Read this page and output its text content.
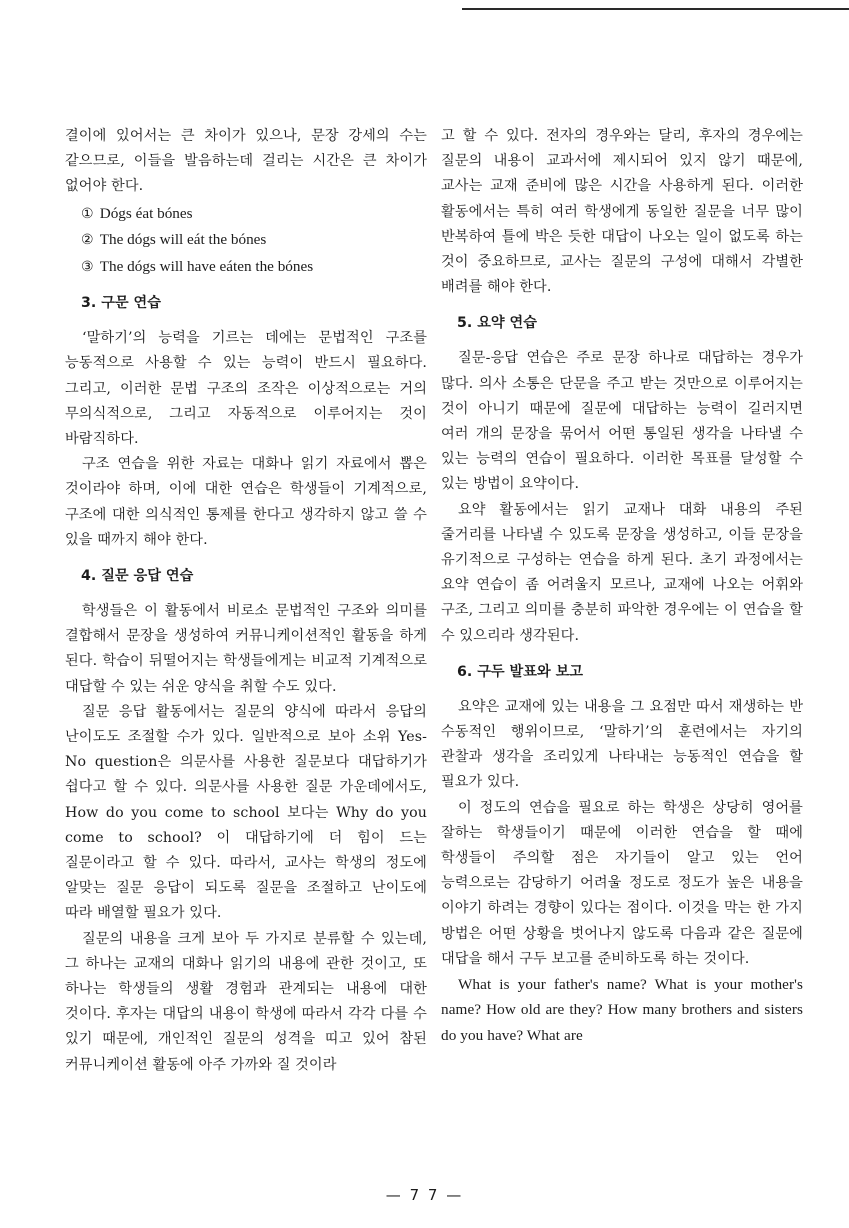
결이에 있어서는 큰 차이가 있으나, 문장 강세의 수는 같으므로, 이들을 발음하는데 걸리는 시간은 큰 차이가 없어야 한다.

① Dógs éat bónes
② The dógs will eát the bónes
③ The dógs will have eáten the bónes
3. 구문 연습

‘말하기’의 능력을 기르는 데에는 문법적인 구조를 능동적으로 사용할 수 있는 능력이 반드시 필요하다. 그리고, 이러한 문법 구조의 조작은 이상적으로는 거의 무의식적으로, 그리고 자동적으로 이루어지는 것이 바람직하다.

구조 연습을 위한 자료는 대화나 읽기 자료에서 뽑은 것이라야 하며, 이에 대한 연습은 학생들이 기계적으로, 구조에 대한 의식적인 통제를 한다고 생각하지 않고 쓸 수 있을 때까지 해야 한다.

4. 질문 응답 연습

학생들은 이 활동에서 비로소 문법적인 구조와 의미를 결합해서 문장을 생성하여 커뮤니케이션적인 활동을 하게 된다. 학습이 뒤떨어지는 학생들에게는 비교적 기계적으로 대답할 수 있는 쉬운 양식을 취할 수도 있다.

질문 응답 활동에서는 질문의 양식에 따라서 응답의 난이도도 조절할 수가 있다. 일반적으로 보아 소위 Yes-No question은 의문사를 사용한 질문보다 대답하기가 쉽다고 할 수 있다. 의문사를 사용한 질문 가운데에서도, How do you come to school 보다는 Why do you come to school? 이 대답하기에 더 힘이 드는 질문이라고 할 수 있다. 따라서, 교사는 학생의 정도에 알맞는 질문 응답이 되도록 질문을 조절하고 난이도에 따라 배열할 필요가 있다.

질문의 내용을 크게 보아 두 가지로 분류할 수 있는데, 그 하나는 교재의 대화나 읽기의 내용에 관한 것이고, 또 하나는 학생들의 생활 경험과 관계되는 내용에 대한 것이다. 후자는 대답의 내용이 학생에 따라서 각각 다를 수 있기 때문에, 개인적인 질문의 성격을 띠고 있어 참된 커뮤니케이션 활동에 아주 가까와 질 것이라

고 할 수 있다. 전자의 경우와는 달리, 후자의 경우에는 질문의 내용이 교과서에 제시되어 있지 않기 때문에, 교사는 교재 준비에 많은 시간을 사용하게 된다. 이러한 활동에서는 특히 여러 학생에게 동일한 질문을 너무 많이 반복하여 틀에 박은 듯한 대답이 나오는 일이 없도록 하는 것이 중요하므로, 교사는 질문의 구성에 대해서 각별한 배려를 해야 한다.

5. 요약 연습

질문-응답 연습은 주로 문장 하나로 대답하는 경우가 많다. 의사 소통은 단문을 주고 받는 것만으로 이루어지는 것이 아니기 때문에 질문에 대답하는 능력이 길러지면 여러 개의 문장을 묶어서 어떤 통일된 생각을 나타낼 수 있는 능력의 연습이 필요하다. 이러한 목표를 달성할 수 있는 방법이 요약이다.

요약 활동에서는 읽기 교재나 대화 내용의 주된 줄거리를 나타낼 수 있도록 문장을 생성하고, 이들 문장을 유기적으로 구성하는 연습을 하게 된다. 초기 과정에서는 요약 연습이 좀 어려울지 모르나, 교재에 나오는 어휘와 구조, 그리고 의미를 충분히 파악한 경우에는 이 연습을 할 수 있으리라 생각된다.

6. 구두 발표와 보고

요약은 교재에 있는 내용을 그 요점만 따서 재생하는 반 수동적인 행위이므로, ‘말하기’의 훈련에서는 자기의 관찰과 생각을 조리있게 나타내는 능동적인 연습을 할 필요가 있다.

이 정도의 연습을 필요로 하는 학생은 상당히 영어를 잘하는 학생들이기 때문에 이러한 연습을 할 때에 학생들이 주의할 점은 자기들이 알고 있는 언어 능력으로는 감당하기 어려울 정도로 정도가 높은 내용을 이야기 하려는 경향이 있다는 점이다. 이것을 막는 한 가지 방법은 어떤 상황을 벗어나지 않도록 다음과 같은 질문에 대답을 해서 구두 보고를 준비하도록 하는 것이다.

What is your father's name? What is your mother's name? How old are they? How many brothers and sisters do you have? What are

— 7 7 —
